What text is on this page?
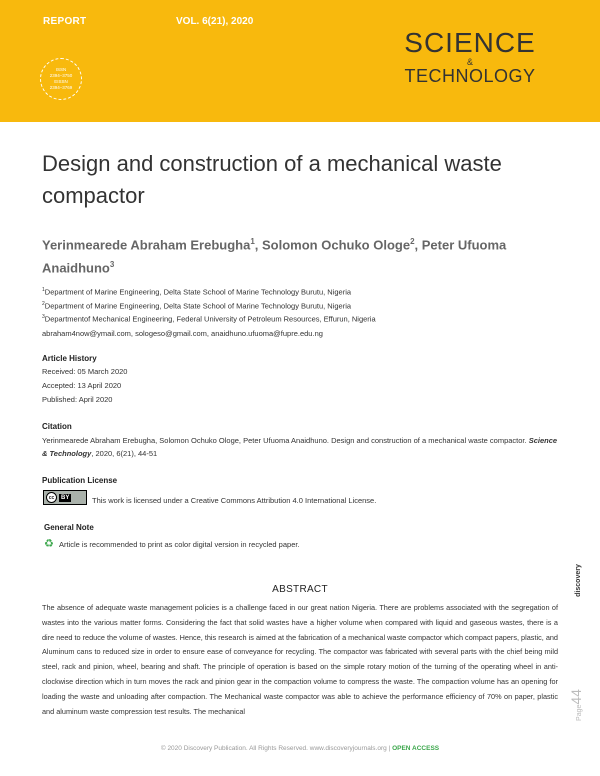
REPORT	VOL. 6(21), 2020
ISSN
2394–3750
EISSN
2394–3769
SCIENCE
&
TECHNOLOGY
Design and construction of a mechanical waste compactor

Yerinmearede Abraham Erebugha$^1$, Solomon Ochuko Ologe$^2$, Peter Ufuoma Anaidhuno$^3$

$^1$Department of Marine Engineering, Delta State School of Marine Technology Burutu, Nigeria
$^2$Department of Marine Engineering, Delta State School of Marine Technology Burutu, Nigeria
$^3$Departmentof Mechanical Engineering, Federal University of Petroleum Resources, Effurun, Nigeria
abraham4now@ymail.com, sologeso@gmail.com, anaidhuno.ufuoma@fupre.edu.ng
Article History
Received: 05 March 2020
Accepted: 13 April 2020
Published: April 2020
Citation
Yerinmearede Abraham Erebugha, Solomon Ochuko Ologe, Peter Ufuoma Anaidhuno. Design and construction of a mechanical waste compactor. Science & Technology, 2020, 6(21), 44-51
Publication License
cc	BY	This work is licensed under a Creative Commons Attribution 4.0 International License.
General Note
♻ Article is recommended to print as color digital version in recycled paper.
ABSTRACT

The absence of adequate waste management policies is a challenge faced in our great nation Nigeria. There are problems associated with the segregation of wastes into the various matter forms. Considering the fact that solid wastes have a higher volume when compared with liquid and gaseous wastes, there is a dire need to reduce the volume of wastes. Hence, this research is aimed at the fabrication of a mechanical waste compactor which compact papers, plastic, and Aluminum cans to reduced size in order to ensure ease of conveyance for recycling. The compactor was fabricated with several parts with the chief being mild steel, rack and pinion, wheel, bearing and shaft. The principle of operation is based on the simple rotary motion of the turning of the operating wheel in anti-clockwise direction which in turn moves the rack and pinion gear in the compaction volume to compress the waste. The compaction volume has an opening for loading the waste and unloading after compaction. The Mechanical waste compactor was able to achieve the performance efficiency of 70% on paper, plastic and aluminum waste compression test results. The mechanical

© 2020 Discovery Publication. All Rights Reserved. www.discoveryjournals.org | OPEN ACCESS
discovery
Page44
